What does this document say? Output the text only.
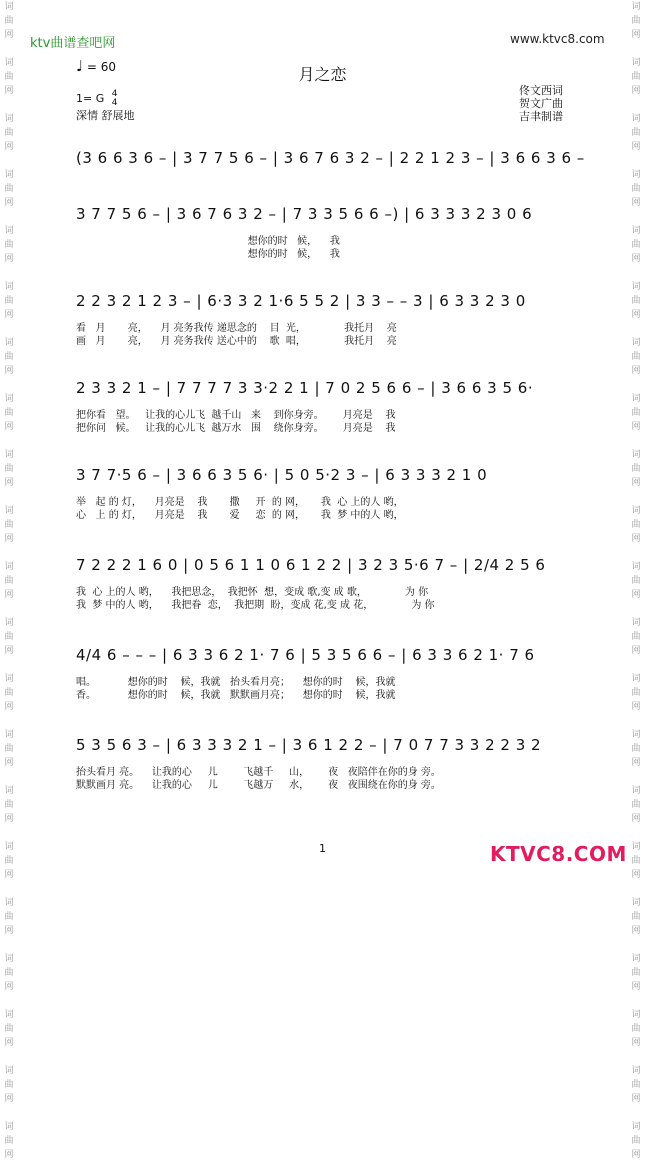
词
曲
网

词
曲
网

词
曲
网

词
曲
网

词
曲
网

词
曲
网

词
曲
网

词
曲
网

词
曲
网

词
曲
网

词
曲
网

词
曲
网

词
曲
网

词
曲
网

词
曲
网

词
曲
网

词
曲
网

词
曲
网

词
曲
网

词
曲
网

词
曲
网

词
曲
网

词
曲
网

词
曲
网

词
曲
网

词
曲
网

词
曲
网

词
曲
网

词
曲
网

词
曲
网

词
曲
网

词
曲
网

词
曲
网

词
曲
网

词
曲
网

词
曲
网

词
曲
网

词
曲
网

词
曲
网

词
曲
网

词
曲
网

词
曲
网

ktv曲谱查吧网	www.ktvc8.com
♩ = 60	月之恋
1= G 4
4
深情 舒展地
佟文西词
贺文广曲
吉聿制谱
(3 6 6 3 6 – | 3 7 7 5 6 – | 3 6 7 6 3 2 – | 2 2 1 2 3 – | 3 6 6 3 6 –
3 7 7 5 6 – | 3 6 7 6 3 2 – | 7 3 3 5 6 6 –) | 6 3 3 3 2 3 0 6
想你的时   候，    我
想你的时   候，    我
2 2 3 2 1 2 3 – | 6·3 3 2 1·6 5 5 2 | 3 3 – – 3 | 6 3 3 2 3 0
看   月       亮，    月 亮务我传 递思念的    目  光，            我托月    亮
画   月       亮，    月 亮务我传 送心中的    歌  唱，            我托月    亮
2 3 3 2 1 – | 7 7 7 7 3 3·2 2 1 | 7 0 2 5 6 6 – | 3 6 6 3 5 6·
把你看   望。   让我的心儿飞  越千山   来    到你身旁。      月亮是    我
把你问   候。   让我的心儿飞  越万水   围    绕你身旁。      月亮是    我
3 7 7·5 6 – | 3 6 6 3 5 6· | 5 0 5·2 3 – | 6 3 3 3 2 1 0
举   起 的 灯，    月亮是    我       撒     开  的 网，     我  心 上的人 哟，
心   上 的 灯，    月亮是    我       爱     恋  的 网，     我  梦 中的人 哟，
7 2 2 2 1 6 0 | 0 5 6 1 1 0 6 1 2 2 | 3 2 3 5·6 7 – | 2/4 2 5 6
我  心 上的人 哟，    我把思念，  我把怀  想，变成 歌,变 成 歌，            为 你
我  梦 中的人 哟，    我把眷  恋，  我把期  盼，变成 花,变 成 花，            为 你
4/4 6 – – – | 6 3 3 6 2 1· 7 6 | 5 3 5 6 6 – | 6 3 3 6 2 1· 7 6
唱。          想你的时    候，我就   抬头看月亮；    想你的时    候，我就
香。          想你的时    候，我就   默默画月亮；    想你的时    候，我就
5 3 5 6 3 – | 6 3 3 3 2 1 – | 3 6 1 2 2 – | 7 0 7 7 3 3 2 2 3 2
抬头看月 亮。    让我的心     儿        飞越千     山，      夜   夜陪伴在你的身 旁。
默默画月 亮。    让我的心     儿        飞越万     水，      夜   夜围绕在你的身 旁。
1	KTVC8.COM
